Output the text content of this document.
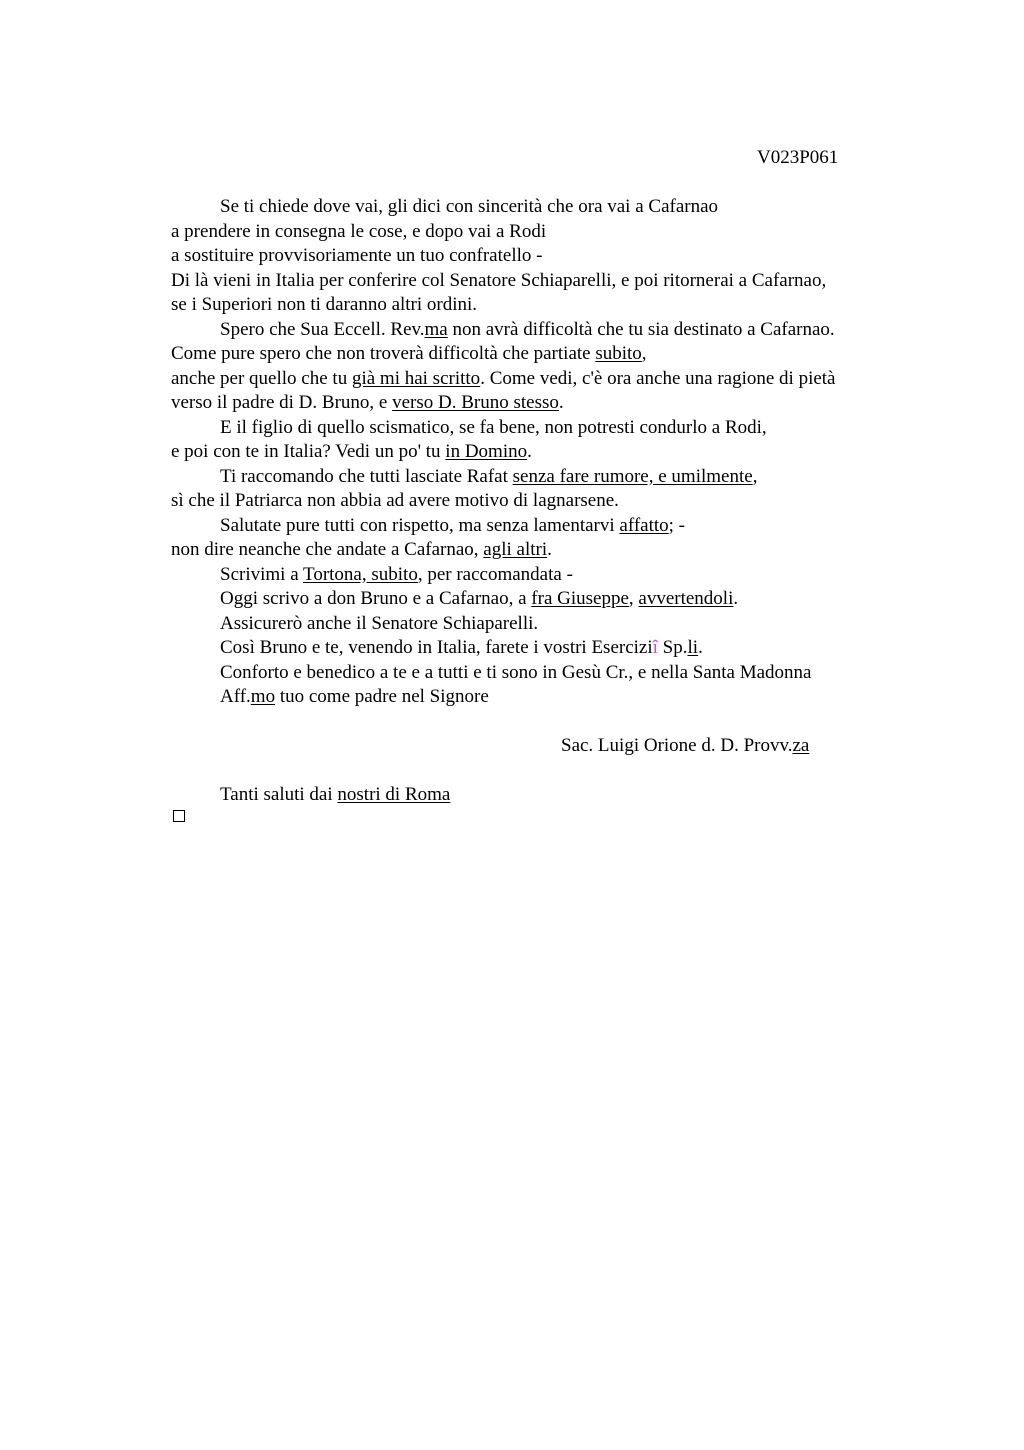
V023P061
Se ti chiede dove vai, gli dici con sincerità che ora vai a Cafarnao
a prendere in consegna le cose, e dopo vai a Rodi
a sostituire provvisoriamente un tuo confratello -
Di là vieni in Italia per conferire col Senatore Schiaparelli, e poi ritornerai a Cafarnao,
se i Superiori non ti daranno altri ordini.
Spero che Sua Eccell. Rev.ma non avrà difficoltà che tu sia destinato a Cafarnao.
Come pure spero che non troverà difficoltà che partiate subito,
anche per quello che tu già mi hai scritto. Come vedi, c'è ora anche una ragione di pietà
verso il padre di D. Bruno, e verso D. Bruno stesso.
E il figlio di quello scismatico, se fa bene, non potresti condurlo a Rodi,
e poi con te in Italia? Vedi un po' tu in Domino.
Ti raccomando che tutti lasciate Rafat senza fare rumore, e umilmente,
sì che il Patriarca non abbia ad avere motivo di lagnarsene.
Salutate pure tutti con rispetto, ma senza lamentarvi affatto; -
non dire neanche che andate a Cafarnao, agli altri.
Scrivimi a Tortona, subito, per raccomandata -
Oggi scrivo a don Bruno e a Cafarnao, a fra Giuseppe, avvertendoli.
Assicurerò anche il Senatore Schiaparelli.
Così Bruno e te, venendo in Italia, farete i vostri Eserciziî Sp.li.
Conforto e benedico a te e a tutti e ti sono in Gesù Cr., e nella Santa Madonna
Aff.mo tuo come padre nel Signore
Sac. Luigi Orione d. D. Provv.za
Tanti saluti dai nostri di Roma
